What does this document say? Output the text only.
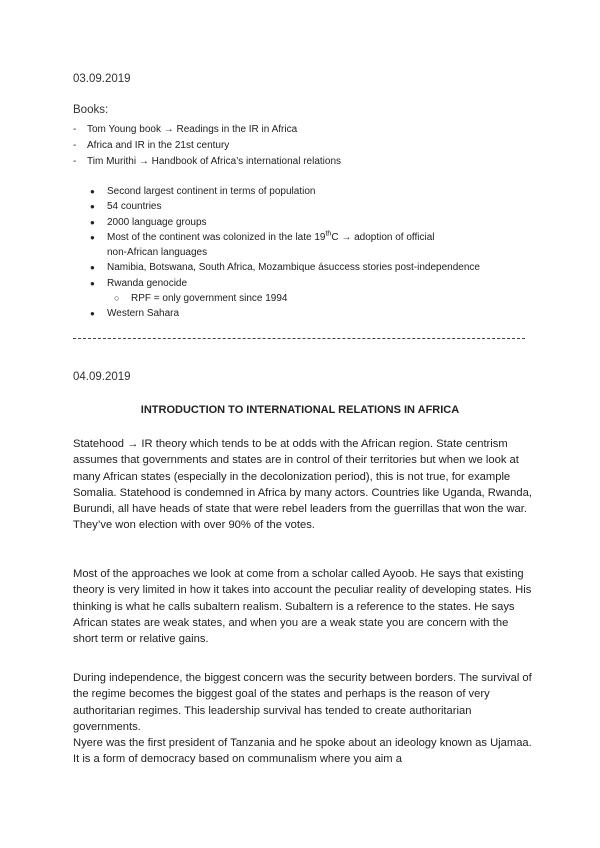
03.09.2019
Books:
- Tom Young book → Readings in the IR in Africa
- Africa and IR in the 21st century
- Tim Murithi → Handbook of Africa’s international relations
● Second largest continent in terms of population
● 54 countries
● 2000 language groups
● Most of the continent was colonized in the late 19thC → adoption of official
non-African languages
● Namibia, Botswana, South Africa, Mozambique ásuccess stories post-independence
● Rwanda genocide
○ RPF = only government since 1994
● Western Sahara
04.09.2019
INTRODUCTION TO INTERNATIONAL RELATIONS IN AFRICA

Statehood → IR theory which tends to be at odds with the African region. State centrism assumes that governments and states are in control of their territories but when we look at many African states (especially in the decolonization period), this is not true, for example Somalia. Statehood is condemned in Africa by many actors. Countries like Uganda, Rwanda, Burundi, all have heads of state that were rebel leaders from the guerrillas that won the war. They’ve won election with over 90% of the votes.

Most of the approaches we look at come from a scholar called Ayoob. He says that existing theory is very limited in how it takes into account the peculiar reality of developing states. His thinking is what he calls subaltern realism. Subaltern is a reference to the states. He says African states are weak states, and when you are a weak state you are concern with the short term or relative gains.

During independence, the biggest concern was the security between borders. The survival of the regime becomes the biggest goal of the states and perhaps is the reason of very authoritarian regimes. This leadership survival has tended to create authoritarian governments.

Nyere was the first president of Tanzania and he spoke about an ideology known as Ujamaa. It is a form of democracy based on communalism where you aim a
